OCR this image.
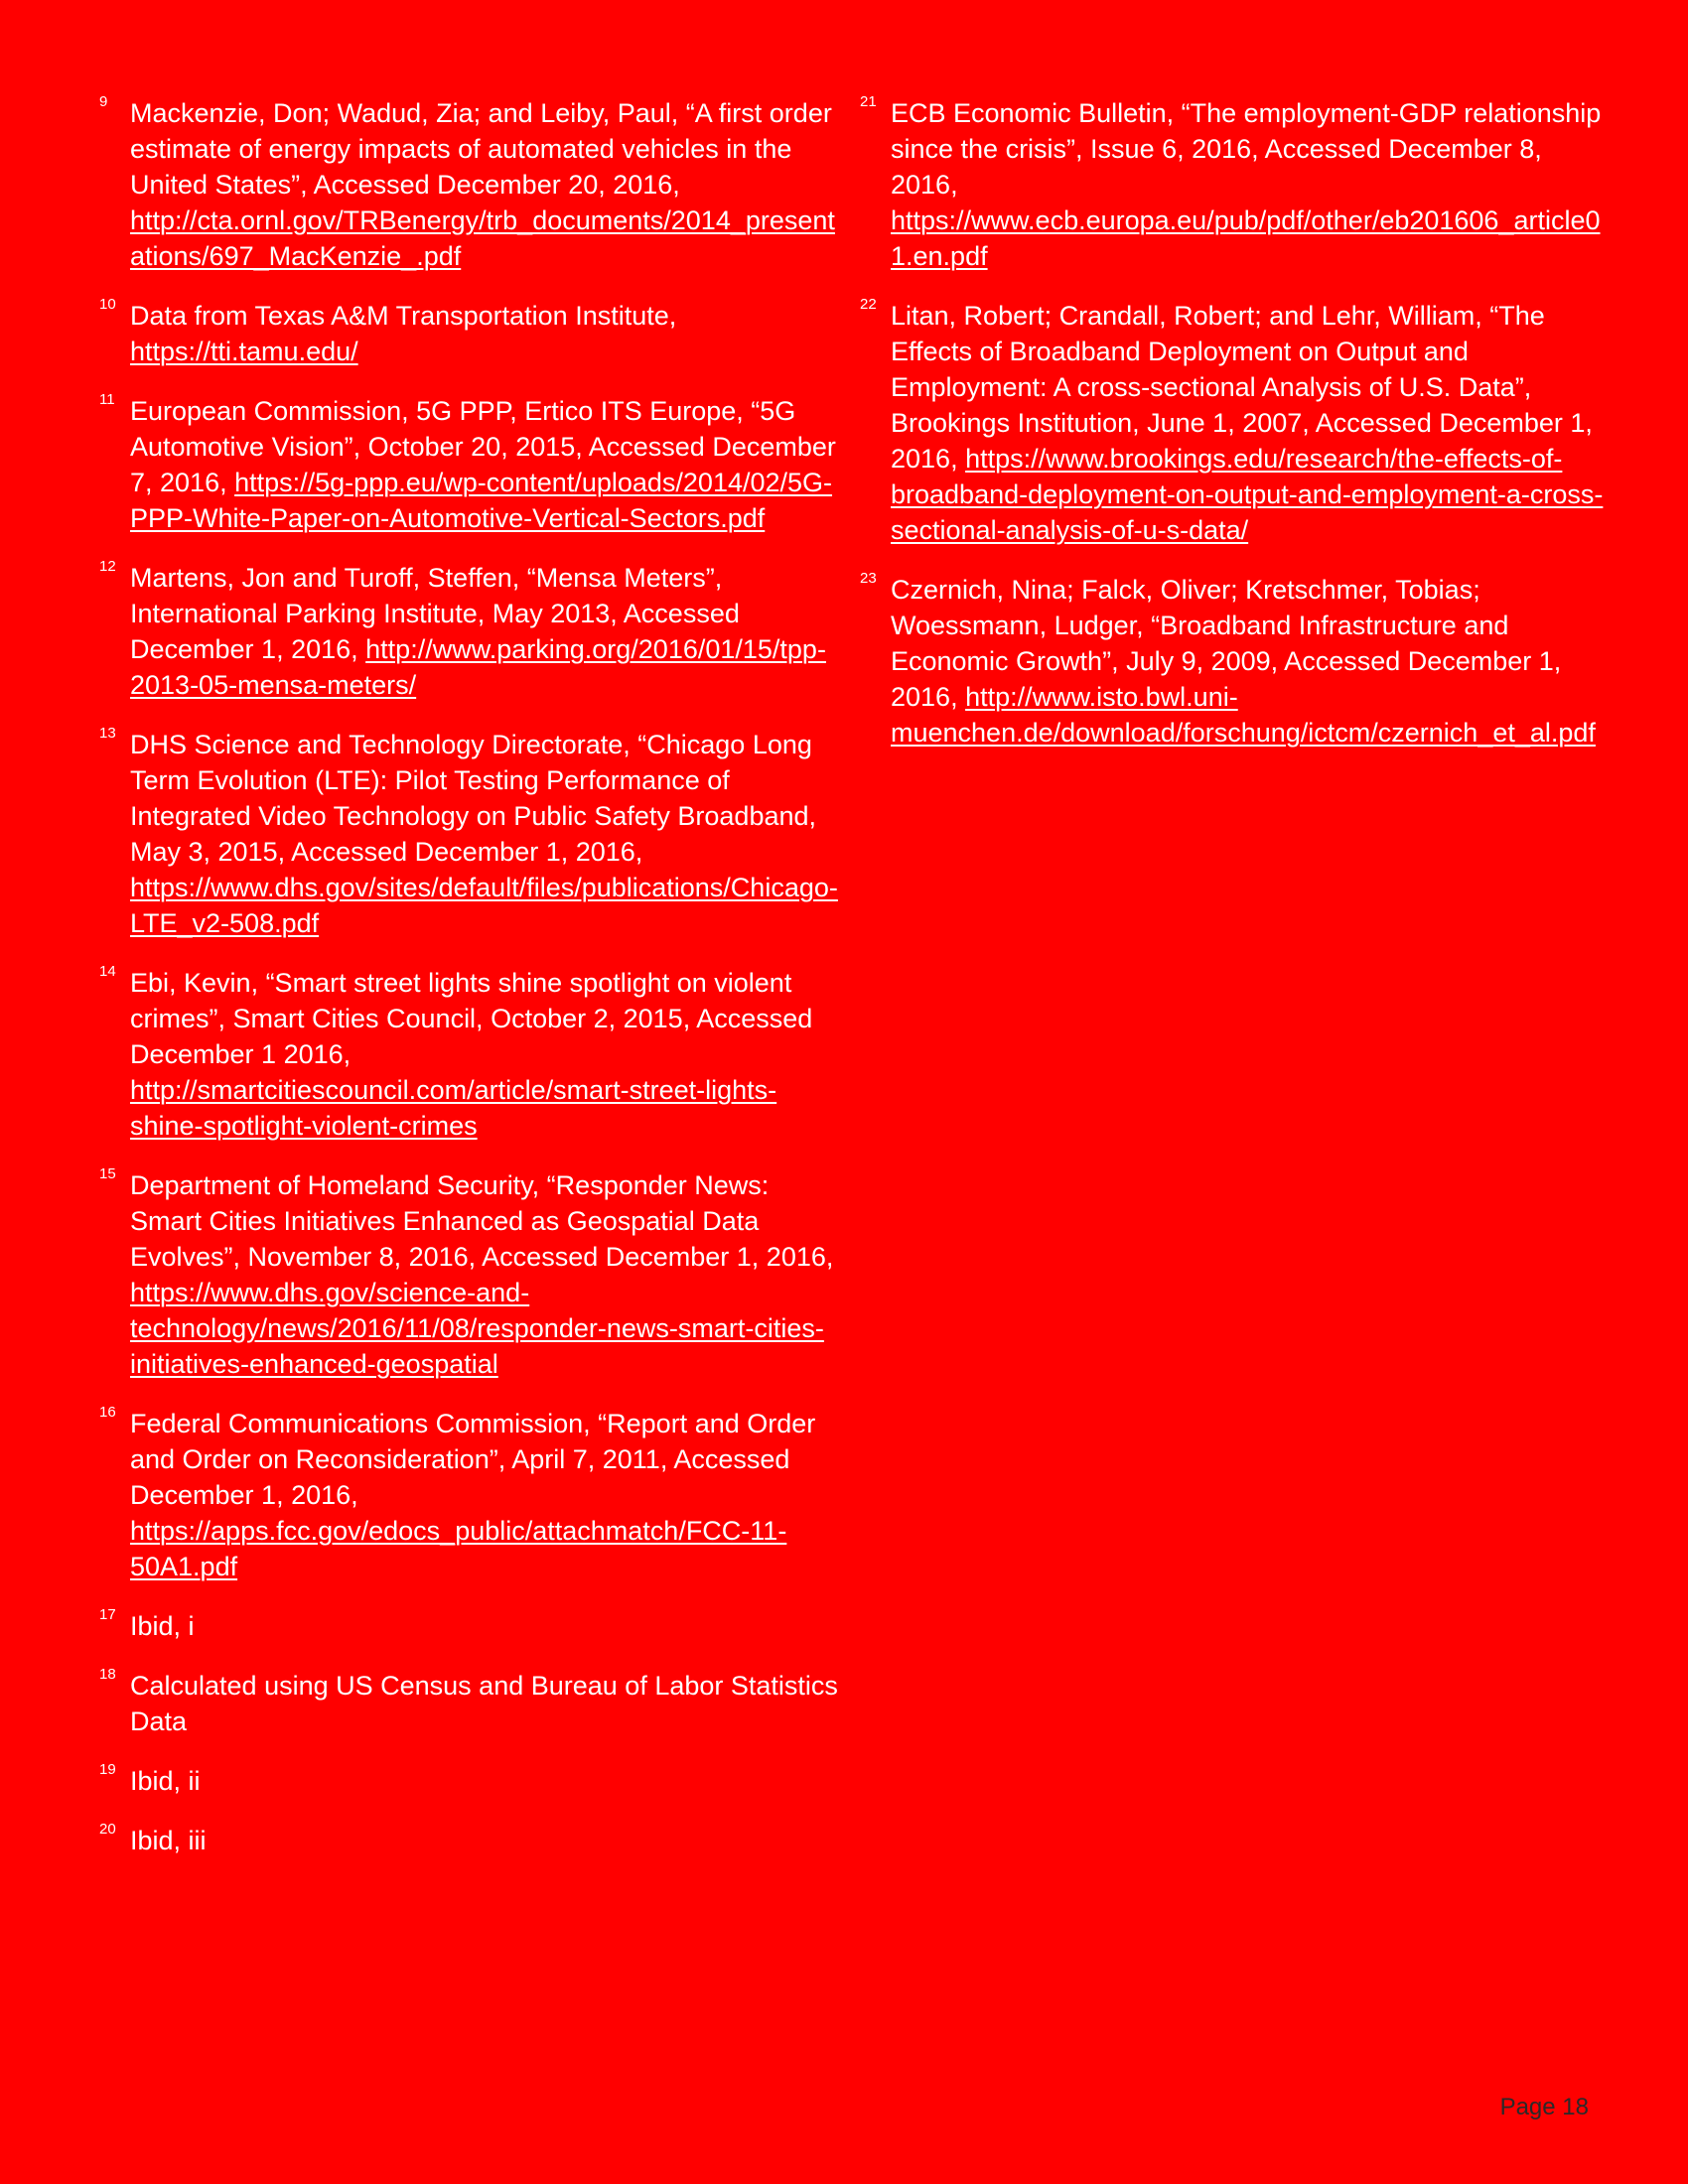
9 Mackenzie, Don; Wadud, Zia; and Leiby, Paul, “A first order estimate of energy impacts of automated vehicles in the United States”, Accessed December 20, 2016, http://cta.ornl.gov/TRBenergy/trb_documents/2014_presentations/697_MacKenzie_.pdf
10 Data from Texas A&M Transportation Institute, https://tti.tamu.edu/
11 European Commission, 5G PPP, Ertico ITS Europe, “5G Automotive Vision”, October 20, 2015, Accessed December 7, 2016, https://5g-ppp.eu/wp-content/uploads/2014/02/5G-PPP-White-Paper-on-Automotive-Vertical-Sectors.pdf
12 Martens, Jon and Turoff, Steffen, “Mensa Meters”, International Parking Institute, May 2013, Accessed December 1, 2016, http://www.parking.org/2016/01/15/tpp-2013-05-mensa-meters/
13 DHS Science and Technology Directorate, “Chicago Long Term Evolution (LTE): Pilot Testing Performance of Integrated Video Technology on Public Safety Broadband, May 3, 2015, Accessed December 1, 2016, https://www.dhs.gov/sites/default/files/publications/Chicago-LTE_v2-508.pdf
14 Ebi, Kevin, “Smart street lights shine spotlight on violent crimes”, Smart Cities Council, October 2, 2015, Accessed December 1 2016, http://smartcitiescouncil.com/article/smart-street-lights-shine-spotlight-violent-crimes
15 Department of Homeland Security, “Responder News: Smart Cities Initiatives Enhanced as Geospatial Data Evolves”, November 8, 2016, Accessed December 1, 2016, https://www.dhs.gov/science-and-technology/news/2016/11/08/responder-news-smart-cities-initiatives-enhanced-geospatial
16 Federal Communications Commission, “Report and Order and Order on Reconsideration”, April 7, 2011, Accessed December 1, 2016, https://apps.fcc.gov/edocs_public/attachmatch/FCC-11-50A1.pdf
17 Ibid, i
18 Calculated using US Census and Bureau of Labor Statistics Data
19 Ibid, ii
20 Ibid, iii
21 ECB Economic Bulletin, “The employment-GDP relationship since the crisis”, Issue 6, 2016, Accessed December 8, 2016, https://www.ecb.europa.eu/pub/pdf/other/eb201606_article01.en.pdf
22 Litan, Robert; Crandall, Robert; and Lehr, William, “The Effects of Broadband Deployment on Output and Employment: A cross-sectional Analysis of U.S. Data”, Brookings Institution, June 1, 2007, Accessed December 1, 2016, https://www.brookings.edu/research/the-effects-of-broadband-deployment-on-output-and-employment-a-cross-sectional-analysis-of-u-s-data/
23 Czernich, Nina; Falck, Oliver; Kretschmer, Tobias; Woessmann, Ludger, “Broadband Infrastructure and Economic Growth”, July 9, 2009, Accessed December 1, 2016, http://www.isto.bwl.uni-muenchen.de/download/forschung/ictcm/czernich_et_al.pdf
Page 18
